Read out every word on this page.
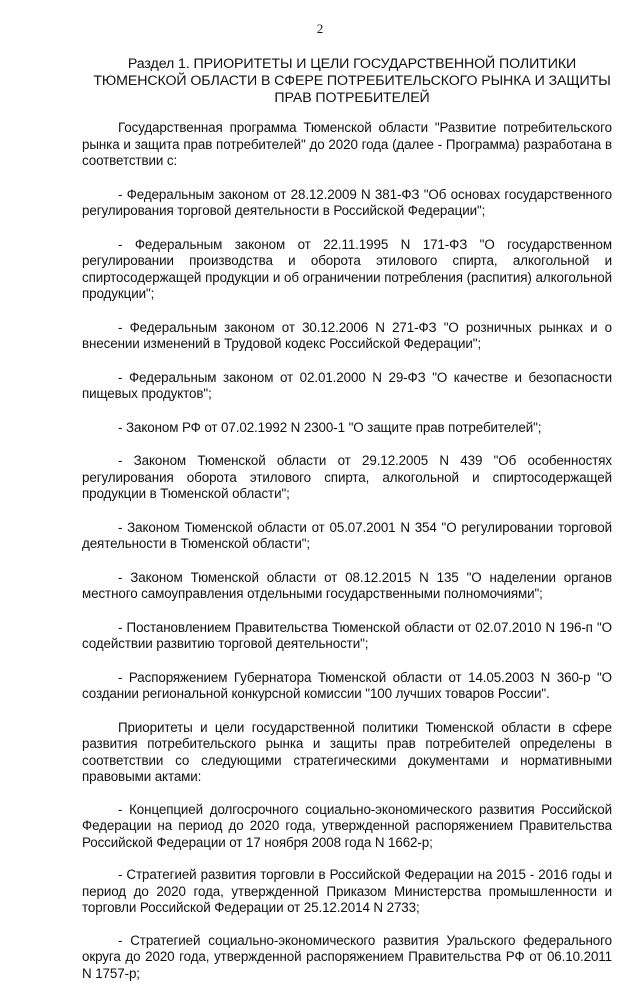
2
Раздел 1. ПРИОРИТЕТЫ И ЦЕЛИ ГОСУДАРСТВЕННОЙ ПОЛИТИКИ ТЮМЕНСКОЙ ОБЛАСТИ В СФЕРЕ ПОТРЕБИТЕЛЬСКОГО РЫНКА И ЗАЩИТЫ ПРАВ ПОТРЕБИТЕЛЕЙ

Государственная программа Тюменской области "Развитие потребительского рынка и защита прав потребителей" до 2020 года (далее - Программа) разработана в соответствии с:

- Федеральным законом от 28.12.2009 N 381-ФЗ "Об основах государственного регулирования торговой деятельности в Российской Федерации";

- Федеральным законом от 22.11.1995 N 171-ФЗ "О государственном регулировании производства и оборота этилового спирта, алкогольной и спиртосодержащей продукции и об ограничении потребления (распития) алкогольной продукции";

- Федеральным законом от 30.12.2006 N 271-ФЗ "О розничных рынках и о внесении изменений в Трудовой кодекс Российской Федерации";

- Федеральным законом от 02.01.2000 N 29-ФЗ "О качестве и безопасности пищевых продуктов";

- Законом РФ от 07.02.1992 N 2300-1 "О защите прав потребителей";

- Законом Тюменской области от 29.12.2005 N 439 "Об особенностях регулирования оборота этилового спирта, алкогольной и спиртосодержащей продукции в Тюменской области";

- Законом Тюменской области от 05.07.2001 N 354 "О регулировании торговой деятельности в Тюменской области";

- Законом Тюменской области от 08.12.2015 N 135 "О наделении органов местного самоуправления отдельными государственными полномочиями";

- Постановлением Правительства Тюменской области от 02.07.2010 N 196-п "О содействии развитию торговой деятельности";

- Распоряжением Губернатора Тюменской области от 14.05.2003 N 360-р "О создании региональной конкурсной комиссии "100 лучших товаров России".

Приоритеты и цели государственной политики Тюменской области в сфере развития потребительского рынка и защиты прав потребителей определены в соответствии со следующими стратегическими документами и нормативными правовыми актами:

- Концепцией долгосрочного социально-экономического развития Российской Федерации на период до 2020 года, утвержденной распоряжением Правительства Российской Федерации от 17 ноября 2008 года N 1662-р;

- Стратегией развития торговли в Российской Федерации на 2015 - 2016 годы и период до 2020 года, утвержденной Приказом Министерства промышленности и торговли Российской Федерации от 25.12.2014 N 2733;

- Стратегией социально-экономического развития Уральского федерального округа до 2020 года, утвержденной распоряжением Правительства РФ от 06.10.2011 N 1757-р;
